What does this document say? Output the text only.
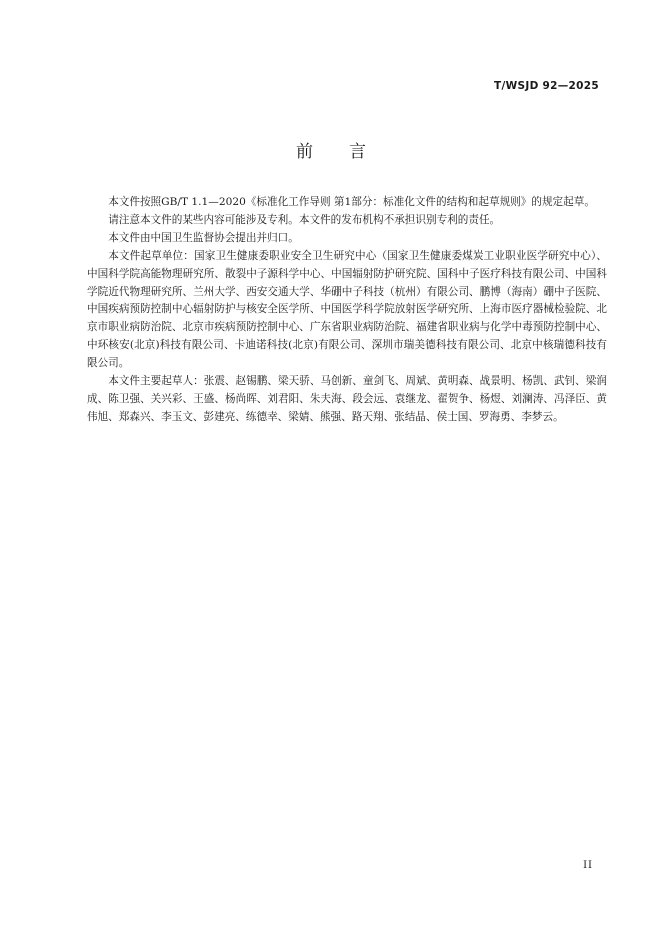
T/WSJD 92—2025
前言

本文件按照GB/T 1.1—2020《标准化工作导则 第1部分：标准化文件的结构和起草规则》的规定起草。

请注意本文件的某些内容可能涉及专利。本文件的发布机构不承担识别专利的责任。

本文件由中国卫生监督协会提出并归口。

本文件起草单位：国家卫生健康委职业安全卫生研究中心（国家卫生健康委煤炭工业职业医学研究中心）、中国科学院高能物理研究所、散裂中子源科学中心、中国辐射防护研究院、国科中子医疗科技有限公司、中国科学院近代物理研究所、兰州大学、西安交通大学、华硼中子科技（杭州）有限公司、鹏博（海南）硼中子医院、中国疾病预防控制中心辐射防护与核安全医学所、中国医学科学院放射医学研究所、上海市医疗器械检验院、北京市职业病防治院、北京市疾病预防控制中心、广东省职业病防治院、福建省职业病与化学中毒预防控制中心、中环核安(北京)科技有限公司、卡迪诺科技(北京)有限公司、深圳市瑞美德科技有限公司、北京中核瑞德科技有限公司。

本文件主要起草人：张震、赵锡鹏、梁天骄、马创新、童剑飞、周斌、黄明森、战景明、杨凯、武钊、梁润成、陈卫强、关兴彩、王盛、杨尚晖、刘君阳、朱夫海、段会远、袁继龙、翟贺争、杨煜、刘澜涛、冯泽臣、黄伟旭、郑森兴、李玉文、彭建亮、练德幸、梁婧、熊强、路天翔、张结晶、侯士国、罗海勇、李梦云。

II
